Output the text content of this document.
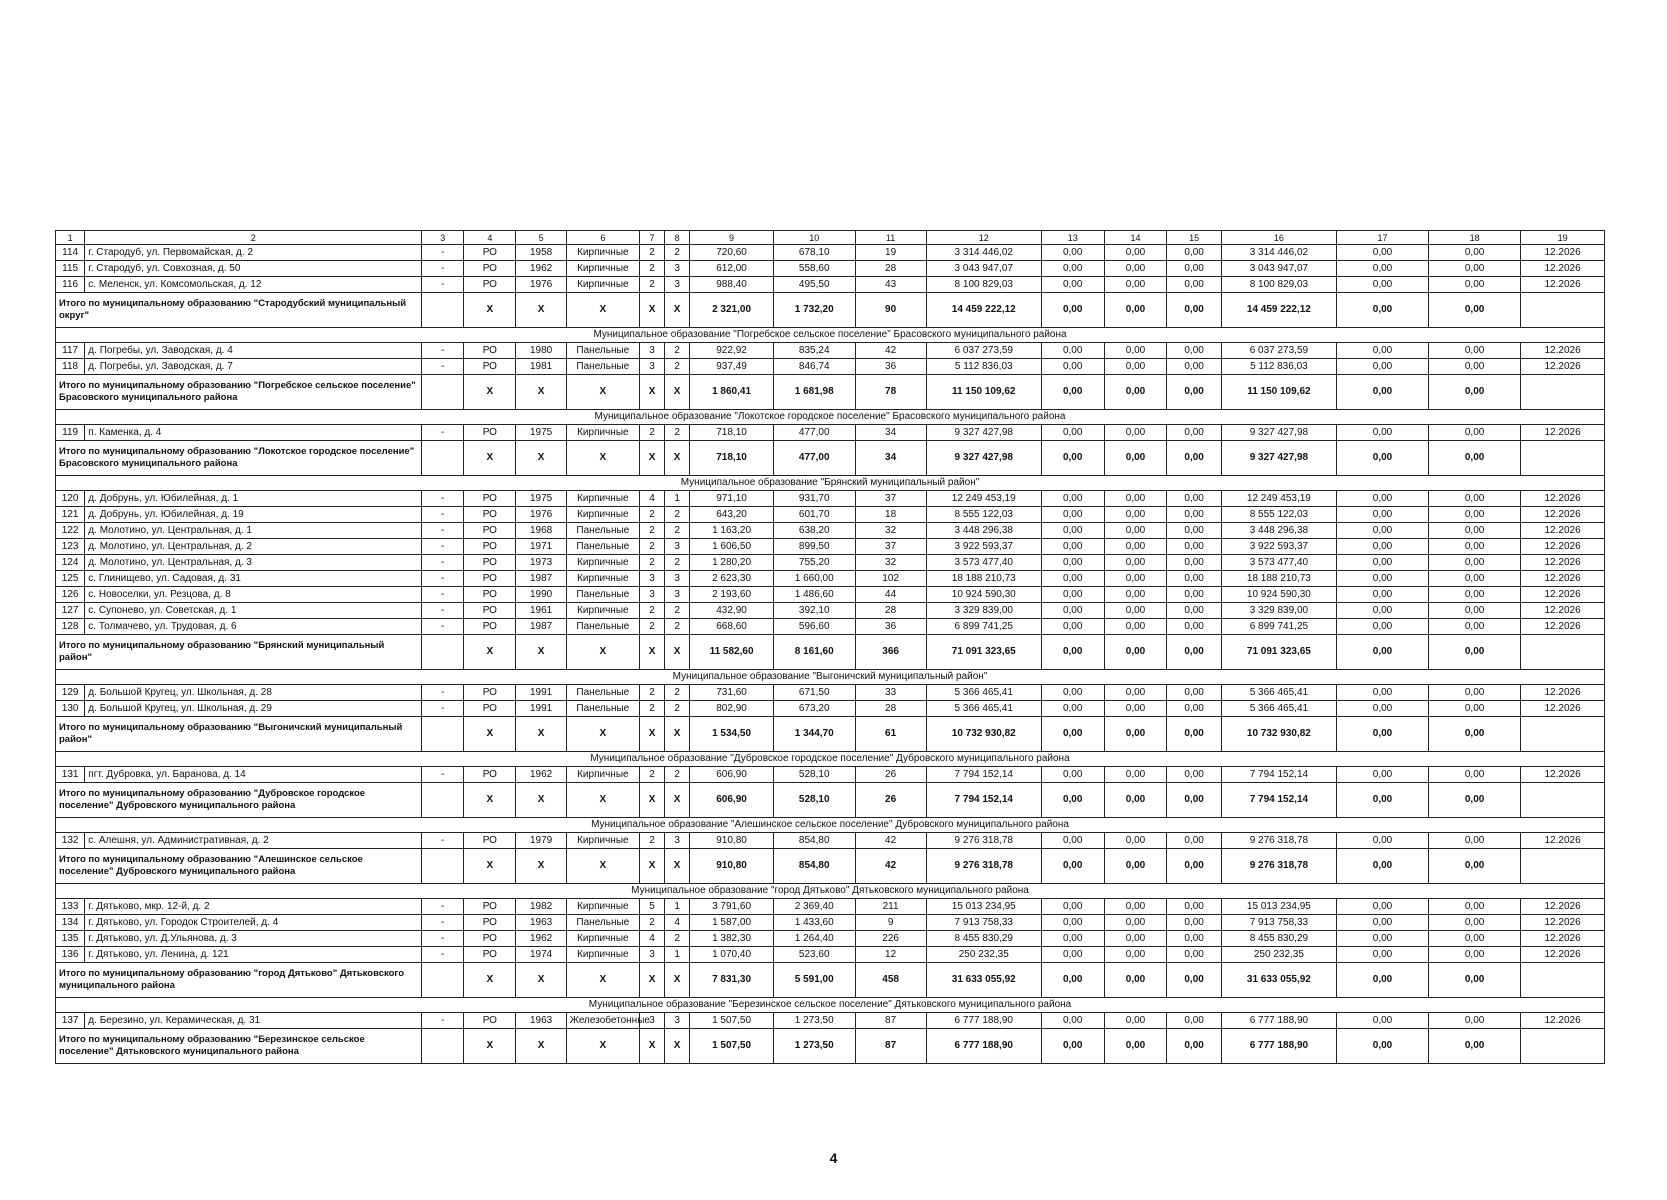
1	2	3	4	5	6	7	8	9	10	11	12	13	14	15	16	17	18	19
114	г. Стародуб, ул. Первомайская, д. 2	-	РО	1958	Кирпичные	2	2	720,60	678,10	19	3 314 446,02	0,00	0,00	0,00	3 314 446,02	0,00	0,00	12.2026
115	г. Стародуб, ул. Совхозная, д. 50	-	РО	1962	Кирпичные	2	3	612,00	558,60	28	3 043 947,07	0,00	0,00	0,00	3 043 947,07	0,00	0,00	12.2026
116	с. Меленск, ул. Комсомольская, д. 12	-	РО	1976	Кирпичные	2	3	988,40	495,50	43	8 100 829,03	0,00	0,00	0,00	8 100 829,03	0,00	0,00	12.2026
Итого по муниципальному образованию "Стародубский муниципальный округ"			Х	Х	Х	Х	Х	2 321,00	1 732,20	90	14 459 222,12	0,00	0,00	0,00	14 459 222,12	0,00	0,00	
Муниципальное образование "Погребское сельское поселение" Брасовского муниципального района																		
117	д. Погребы, ул. Заводская, д. 4	-	РО	1980	Панельные	3	2	922,92	835,24	42	6 037 273,59	0,00	0,00	0,00	6 037 273,59	0,00	0,00	12.2026
118	д. Погребы, ул. Заводская, д. 7	-	РО	1981	Панельные	3	2	937,49	846,74	36	5 112 836,03	0,00	0,00	0,00	5 112 836,03	0,00	0,00	12.2026
Итого по муниципальному образованию "Погребское сельское поселение" Брасовского муниципального района			Х	Х	Х	Х	Х	1 860,41	1 681,98	78	11 150 109,62	0,00	0,00	0,00	11 150 109,62	0,00	0,00	
Муниципальное образование "Локотское городское поселение" Брасовского муниципального района																		
119	п. Каменка, д. 4	-	РО	1975	Кирпичные	2	2	718,10	477,00	34	9 327 427,98	0,00	0,00	0,00	9 327 427,98	0,00	0,00	12.2026
Итого по муниципальному образованию "Локотское городское поселение" Брасовского муниципального района			Х	Х	Х	Х	Х	718,10	477,00	34	9 327 427,98	0,00	0,00	0,00	9 327 427,98	0,00	0,00	
Муниципальное образование "Брянский муниципальный район"																		
120	д. Добрунь, ул. Юбилейная, д. 1	-	РО	1975	Кирпичные	4	1	971,10	931,70	37	12 249 453,19	0,00	0,00	0,00	12 249 453,19	0,00	0,00	12.2026
121	д. Добрунь, ул. Юбилейная, д. 19	-	РО	1976	Кирпичные	2	2	643,20	601,70	18	8 555 122,03	0,00	0,00	0,00	8 555 122,03	0,00	0,00	12.2026
122	д. Молотино, ул. Центральная, д. 1	-	РО	1968	Панельные	2	2	1 163,20	638,20	32	3 448 296,38	0,00	0,00	0,00	3 448 296,38	0,00	0,00	12.2026
123	д. Молотино, ул. Центральная, д. 2	-	РО	1971	Панельные	2	3	1 606,50	899,50	37	3 922 593,37	0,00	0,00	0,00	3 922 593,37	0,00	0,00	12.2026
124	д. Молотино, ул. Центральная, д. 3	-	РО	1973	Кирпичные	2	2	1 280,20	755,20	32	3 573 477,40	0,00	0,00	0,00	3 573 477,40	0,00	0,00	12.2026
125	с. Глинищево, ул. Садовая, д. 31	-	РО	1987	Кирпичные	3	3	2 623,30	1 660,00	102	18 188 210,73	0,00	0,00	0,00	18 188 210,73	0,00	0,00	12.2026
126	с. Новоселки, ул. Резцова, д. 8	-	РО	1990	Панельные	3	3	2 193,60	1 486,60	44	10 924 590,30	0,00	0,00	0,00	10 924 590,30	0,00	0,00	12.2026
127	с. Супонево, ул. Советская, д. 1	-	РО	1961	Кирпичные	2	2	432,90	392,10	28	3 329 839,00	0,00	0,00	0,00	3 329 839,00	0,00	0,00	12.2026
128	с. Толмачево, ул. Трудовая, д. 6	-	РО	1987	Панельные	2	2	668,60	596,60	36	6 899 741,25	0,00	0,00	0,00	6 899 741,25	0,00	0,00	12.2026
Итого по муниципальному образованию "Брянский муниципальный район"			Х	Х	Х	Х	Х	11 582,60	8 161,60	366	71 091 323,65	0,00	0,00	0,00	71 091 323,65	0,00	0,00	
Муниципальное образование "Выгоничский муниципальный район"																		
129	д. Большой Кругец, ул. Школьная, д. 28	-	РО	1991	Панельные	2	2	731,60	671,50	33	5 366 465,41	0,00	0,00	0,00	5 366 465,41	0,00	0,00	12.2026
130	д. Большой Кругец, ул. Школьная, д. 29	-	РО	1991	Панельные	2	2	802,90	673,20	28	5 366 465,41	0,00	0,00	0,00	5 366 465,41	0,00	0,00	12.2026
Итого по муниципальному образованию "Выгоничский муниципальный район"			Х	Х	Х	Х	Х	1 534,50	1 344,70	61	10 732 930,82	0,00	0,00	0,00	10 732 930,82	0,00	0,00	
Муниципальное образование "Дубровское городское поселение" Дубровского муниципального района																		
131	пгт. Дубровка, ул. Баранова, д. 14	-	РО	1962	Кирпичные	2	2	606,90	528,10	26	7 794 152,14	0,00	0,00	0,00	7 794 152,14	0,00	0,00	12.2026
Итого по муниципальному образованию "Дубровское городское поселение" Дубровского муниципального района			Х	Х	Х	Х	Х	606,90	528,10	26	7 794 152,14	0,00	0,00	0,00	7 794 152,14	0,00	0,00	
Муниципальное образование "Алешинское сельское поселение" Дубровского муниципального района																		
132	с. Алешня, ул. Административная, д. 2	-	РО	1979	Кирпичные	2	3	910,80	854,80	42	9 276 318,78	0,00	0,00	0,00	9 276 318,78	0,00	0,00	12.2026
Итого по муниципальному образованию "Алешинское сельское поселение" Дубровского муниципального района			Х	Х	Х	Х	Х	910,80	854,80	42	9 276 318,78	0,00	0,00	0,00	9 276 318,78	0,00	0,00	
Муниципальное образование "город Дятьково" Дятьковского муниципального района																		
133	г. Дятьково, мкр. 12-й, д. 2	-	РО	1982	Кирпичные	5	1	3 791,60	2 369,40	211	15 013 234,95	0,00	0,00	0,00	15 013 234,95	0,00	0,00	12.2026
134	г. Дятьково, ул. Городок Строителей, д. 4	-	РО	1963	Панельные	2	4	1 587,00	1 433,60	9	7 913 758,33	0,00	0,00	0,00	7 913 758,33	0,00	0,00	12.2026
135	г. Дятьково, ул. Д.Ульянова, д. 3	-	РО	1962	Кирпичные	4	2	1 382,30	1 264,40	226	8 455 830,29	0,00	0,00	0,00	8 455 830,29	0,00	0,00	12.2026
136	г. Дятьково, ул. Ленина, д. 121	-	РО	1974	Кирпичные	3	1	1 070,40	523,60	12	250 232,35	0,00	0,00	0,00	250 232,35	0,00	0,00	12.2026
Итого по муниципальному образованию "город Дятьково" Дятьковского муниципального района			Х	Х	Х	Х	Х	7 831,30	5 591,00	458	31 633 055,92	0,00	0,00	0,00	31 633 055,92	0,00	0,00	
Муниципальное образование "Березинское сельское поселение" Дятьковского муниципального района																		
137	д. Березино, ул. Керамическая, д. 31	-	РО	1963	Железобетонные	3	3	1 507,50	1 273,50	87	6 777 188,90	0,00	0,00	0,00	6 777 188,90	0,00	0,00	12.2026
Итого по муниципальному образованию "Березинское сельское поселение" Дятьковского муниципального района			Х	Х	Х	Х	Х	1 507,50	1 273,50	87	6 777 188,90	0,00	0,00	0,00	6 777 188,90	0,00	0,00	
4
